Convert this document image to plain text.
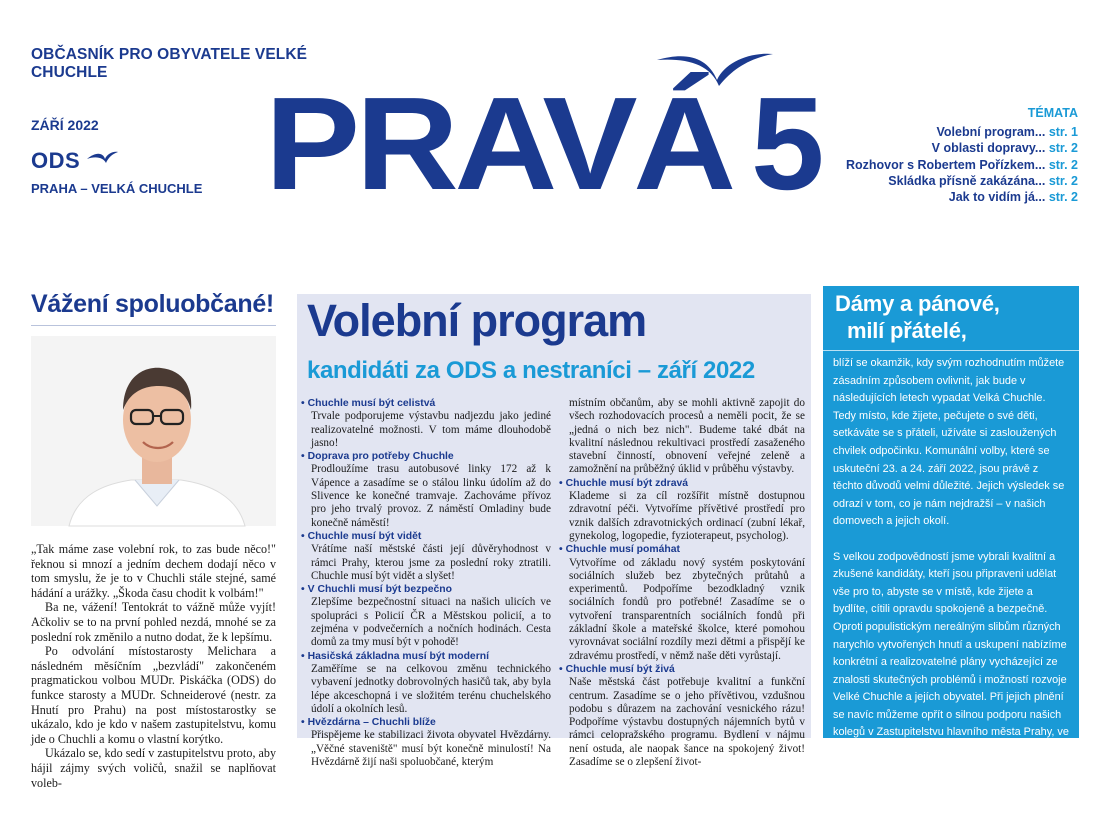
OBČASNÍK PRO OBYVATELE VELKÉ CHUCHLE
ZÁŘÍ 2022
ODS
PRAHA – VELKÁ CHUCHLE PRAVÁ 5	TÉMATA
Volební program... str. 1
V oblasti dopravy... str. 2
Rozhovor s Robertem Pořízkem... str. 2
Skládka přísně zakázána... str. 2
Jak to vidím já... str. 2
Vážení spoluobčané!

„Tak máme zase volební rok, to zas bude něco!" řeknou si mnozí a jedním dechem dodají něco v tom smyslu, že je to v Chuchli stále stejné, samé hádání a urážky. „Škoda času chodit k volbám!"

Ba ne, vážení! Tentokrát to vážně může vyjít! Ačkoliv se to na první pohled nezdá, mnohé se za poslední rok změnilo a nutno dodat, že k lepšímu.

Po odvolání místostarosty Melichara a následném měsíčním „bezvládí" zakončeném pragmatickou volbou MUDr. Piskáčka (ODS) do funkce starosty a MUDr. Schneiderové (nestr. za Hnutí pro Prahu) na post místostarostky se ukázalo, kdo je kdo v našem zastupitelstvu, komu jde o Chuchli a komu o vlastní korýtko.

Ukázalo se, kdo sedí v zastupitelstvu proto, aby hájil zájmy svých voličů, snažil se naplňovat voleb-

Volební program
kandidáti za ODS a nestraníci – září 2022
• Chuchle musí být celistvá
Trvale podporujeme výstavbu nadjezdu jako jediné realizovatelné možnosti. V tom máme dlouhodobě jasno!
• Doprava pro potřeby Chuchle
Prodloužíme trasu autobusové linky 172 až k Vápence a zasadíme se o stálou linku údolím až do Slivence ke konečné tramvaje. Zachováme přívoz pro jeho trvalý provoz. Z náměstí Omladiny bude konečně náměstí!
• Chuchle musí být vidět
Vrátíme naší městské části její důvěryhodnost v rámci Prahy, kterou jsme za poslední roky ztratili. Chuchle musí být vidět a slyšet!
• V Chuchli musí být bezpečno
Zlepšíme bezpečnostní situaci na našich ulicích ve spolupráci s Policií ČR a Městskou policií, a to zejména v podvečerních a nočních hodinách. Cesta domů za tmy musí být v pohodě!
• Hasičská základna musí být moderní
Zaměříme se na celkovou změnu technického vybavení jednotky dobrovolných hasičů tak, aby byla lépe akceschopná i ve složitém terénu chuchelského údolí a okolních lesů.
• Hvězdárna – Chuchli blíže
Přispějeme ke stabilizaci života obyvatel Hvězdárny. „Věčné staveniště" musí být konečně minulostí! Na Hvězdárně žijí naši spoluobčané, kterým
místním občanům, aby se mohli aktivně zapojit do všech rozhodovacích procesů a neměli pocit, že se „jedná o nich bez nich". Budeme také dbát na kvalitní následnou rekultivaci prostředí zasaženého stavební činností, obnovení veřejné zeleně a zamožnění na průběžný úklid v průběhu výstavby.
• Chuchle musí být zdravá
Klademe si za cíl rozšířit místně dostupnou zdravotní péči. Vytvoříme přívětivé prostředí pro vznik dalších zdravotnických ordinací (zubní lékař, gynekolog, logopedie, fyzioterapeut, psycholog).
• Chuchle musí pomáhat
Vytvoříme od základu nový systém poskytování sociálních služeb bez zbytečných průtahů a experimentů. Podpoříme bezodkladný vznik sociálních fondů pro potřebné! Zasadíme se o vytvoření transparentních sociálních fondů při základní škole a mateřské školce, které pomohou vyrovnávat sociální rozdíly mezi dětmi a přispějí ke zdravému prostředí, v němž naše děti vyrůstají.
• Chuchle musí být živá
Naše městská část potřebuje kvalitní a funkční centrum. Zasadíme se o jeho přívětivou, vzdušnou podobu s důrazem na zachování vesnického rázu! Podpoříme výstavbu dostupných nájemních bytů v rámci celopražského programu. Bydlení v nájmu není ostuda, ale naopak šance na spokojený život! Zasadíme se o zlepšení život-
Dámy a pánové,
milí přátelé,

blíží se okamžik, kdy svým rozhodnutím můžete zásadním způsobem ovlivnit, jak bude v následujících letech vypadat Velká Chuchle. Tedy místo, kde žijete, pečujete o své děti, setkáváte se s přáteli, užíváte si zasloužených chvilek odpočinku. Komunální volby, které se uskuteční 23. a 24. září 2022, jsou právě z těchto důvodů velmi důležité. Jejich výsledek se odrazí v tom, co je nám nejdražší – v našich domovech a jejich okolí.

S velkou zodpovědností jsme vybrali kvalitní a zkušené kandidáty, kteří jsou připraveni udělat vše pro to, abyste se v místě, kde žijete a bydlíte, cítili opravdu spokojeně a bezpečně. Oproti populistickým nereálným slibům různých narychlo vytvořených hnutí a uskupení nabízíme konkrétní a realizovatelné plány vycházející ze znalosti skutečných problémů i možností rozvoje Velké Chuchle a jejích obyvatel. Při jejich plnění se navíc můžeme opřít o silnou podporu našich kolegů v Zastupitelstvu hlavního města Prahy, ve vládě i v obou komorách Parlamentu.

Dámy a pánové, milí přátelé, s velkou pokorou Vás žádám o podporu v nadcházejících komunál-
